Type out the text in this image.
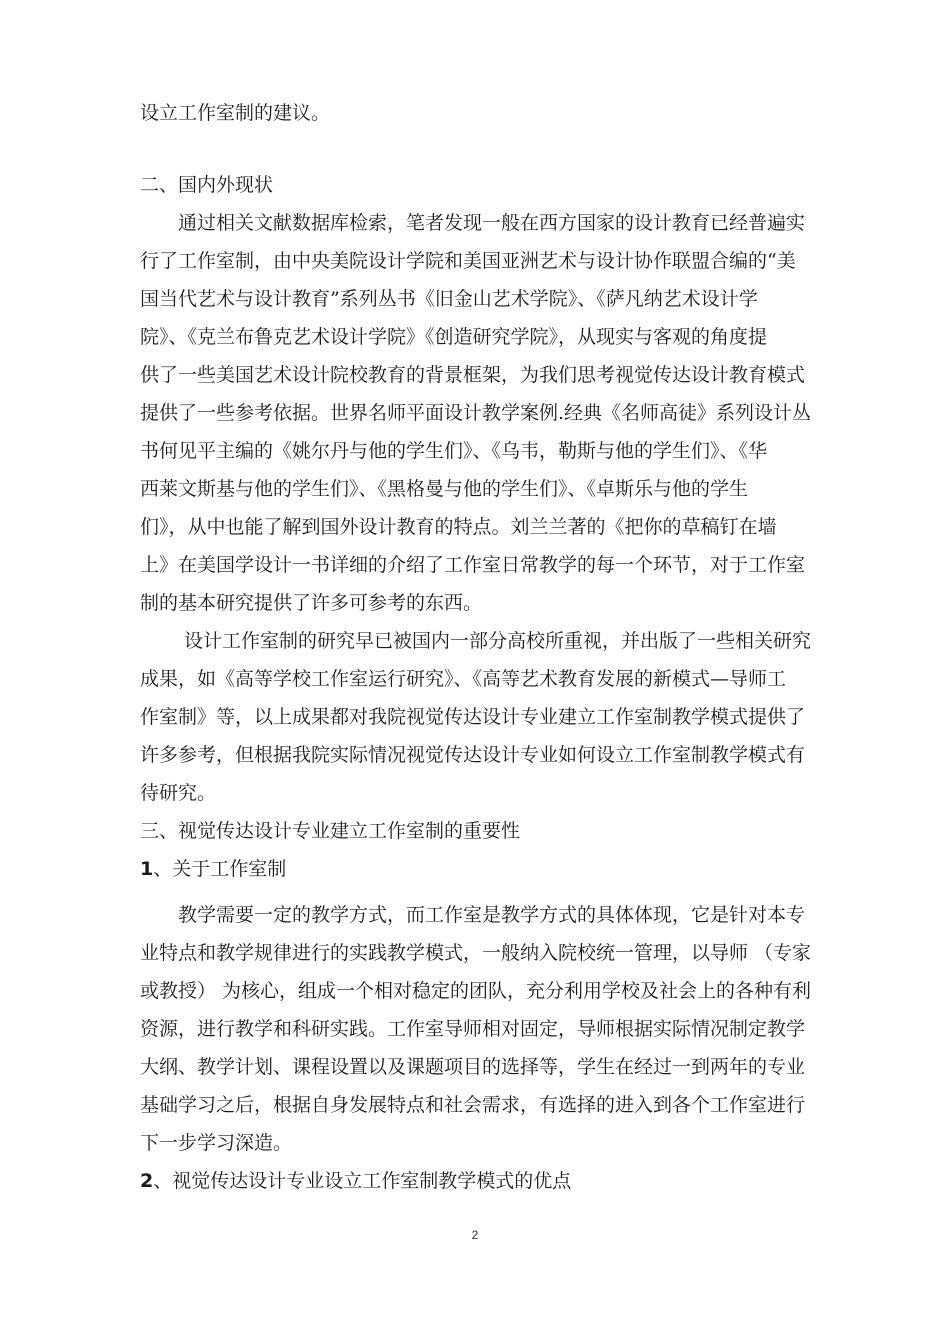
设立工作室制的建议。
二、国内外现状
通过相关文献数据库检索，笔者发现一般在西方国家的设计教育已经普遍实
行了工作室制，由中央美院设计学院和美国亚洲艺术与设计协作联盟合编的“美
国当代艺术与设计教育”系列丛书《旧金山艺术学院》、《萨凡纳艺术设计学
院》、《克兰布鲁克艺术设计学院》《创造研究学院》，从现实与客观的角度提
供了一些美国艺术设计院校教育的背景框架，为我们思考视觉传达设计教育模式
提供了一些参考依据。世界名师平面设计教学案例.经典《名师高徒》系列设计丛
书何见平主编的《姚尔丹与他的学生们》、《乌韦，勒斯与他的学生们》、《华
西莱文斯基与他的学生们》、《黑格曼与他的学生们》、《卓斯乐与他的学生
们》，从中也能了解到国外设计教育的特点。刘兰兰著的《把你的草稿钉在墙
上》在美国学设计一书详细的介绍了工作室日常教学的每一个环节，对于工作室
制的基本研究提供了许多可参考的东西。
设计工作室制的研究早已被国内一部分高校所重视，并出版了一些相关研究
成果，如《高等学校工作室运行研究》、《高等艺术教育发展的新模式—导师工
作室制》等，以上成果都对我院视觉传达设计专业建立工作室制教学模式提供了
许多参考，但根据我院实际情况视觉传达设计专业如何设立工作室制教学模式有
待研究。
三、视觉传达设计专业建立工作室制的重要性
1、关于工作室制
教学需要一定的教学方式，而工作室是教学方式的具体体现，它是针对本专
业特点和教学规律进行的实践教学模式，一般纳入院校统一管理，以导师 （专家
或教授） 为核心，组成一个相对稳定的团队，充分利用学校及社会上的各种有利
资源，进行教学和科研实践。工作室导师相对固定，导师根据实际情况制定教学
大纲、教学计划、课程设置以及课题项目的选择等，学生在经过一到两年的专业
基础学习之后，根据自身发展特点和社会需求，有选择的进入到各个工作室进行
下一步学习深造。
2、视觉传达设计专业设立工作室制教学模式的优点
2
